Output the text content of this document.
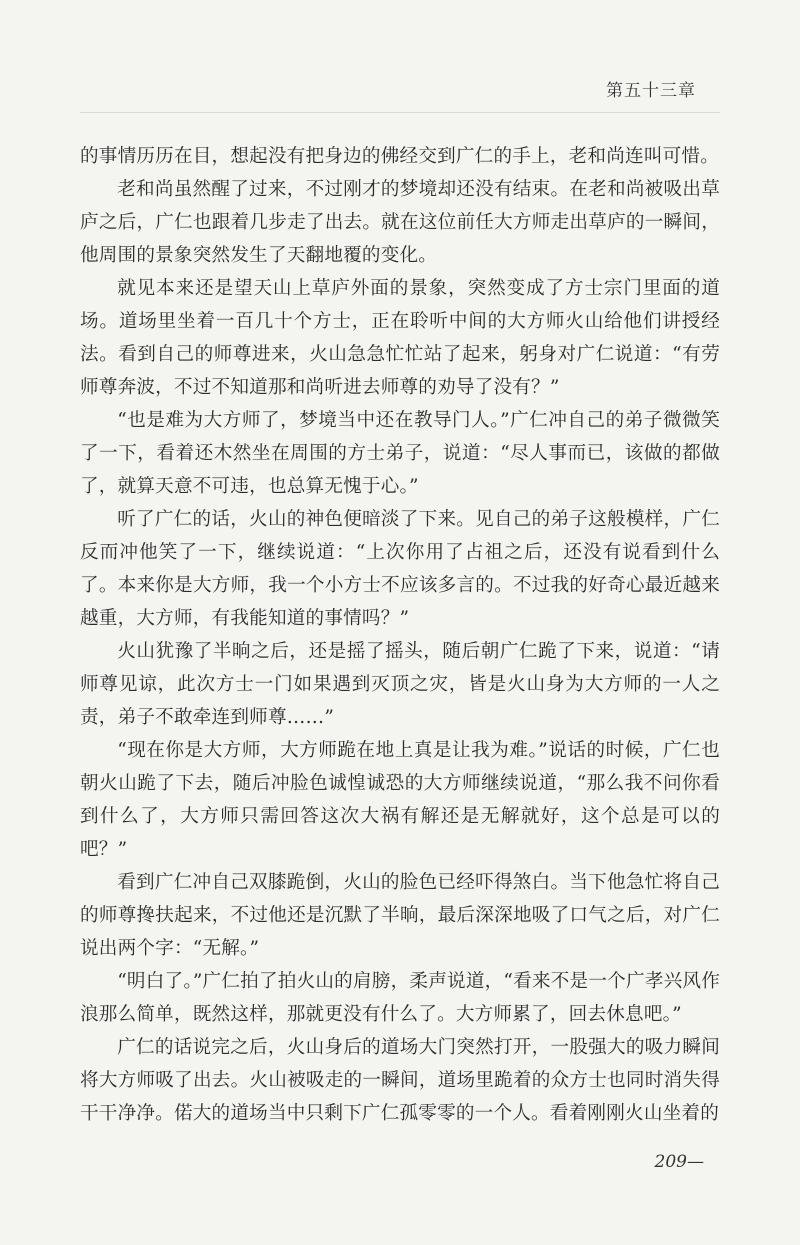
第五十三章

的事情历历在目，想起没有把身边的佛经交到广仁的手上，老和尚连叫可惜。

老和尚虽然醒了过来，不过刚才的梦境却还没有结束。在老和尚被吸出草庐之后，广仁也跟着几步走了出去。就在这位前任大方师走出草庐的一瞬间，他周围的景象突然发生了天翻地覆的变化。

就见本来还是望天山上草庐外面的景象，突然变成了方士宗门里面的道场。道场里坐着一百几十个方士，正在聆听中间的大方师火山给他们讲授经法。看到自己的师尊进来，火山急急忙忙站了起来，躬身对广仁说道：“有劳师尊奔波，不过不知道那和尚听进去师尊的劝导了没有？”

“也是难为大方师了，梦境当中还在教导门人。”广仁冲自己的弟子微微笑了一下，看着还木然坐在周围的方士弟子，说道：“尽人事而已，该做的都做了，就算天意不可违，也总算无愧于心。”

听了广仁的话，火山的神色便暗淡了下来。见自己的弟子这般模样，广仁反而冲他笑了一下，继续说道：“上次你用了占祖之后，还没有说看到什么了。本来你是大方师，我一个小方士不应该多言的。不过我的好奇心最近越来越重，大方师，有我能知道的事情吗？”

火山犹豫了半晌之后，还是摇了摇头，随后朝广仁跪了下来，说道：“请师尊见谅，此次方士一门如果遇到灭顶之灾，皆是火山身为大方师的一人之责，弟子不敢牵连到师尊……”

“现在你是大方师，大方师跪在地上真是让我为难。”说话的时候，广仁也朝火山跪了下去，随后冲脸色诚惶诚恐的大方师继续说道，“那么我不问你看到什么了，大方师只需回答这次大祸有解还是无解就好，这个总是可以的吧？”

看到广仁冲自己双膝跪倒，火山的脸色已经吓得煞白。当下他急忙将自己的师尊搀扶起来，不过他还是沉默了半晌，最后深深地吸了口气之后，对广仁说出两个字：“无解。”

“明白了。”广仁拍了拍火山的肩膀，柔声说道，“看来不是一个广孝兴风作浪那么简单，既然这样，那就更没有什么了。大方师累了，回去休息吧。”

广仁的话说完之后，火山身后的道场大门突然打开，一股强大的吸力瞬间将大方师吸了出去。火山被吸走的一瞬间，道场里跪着的众方士也同时消失得干干净净。偌大的道场当中只剩下广仁孤零零的一个人。看着刚刚火山坐着的

209—
